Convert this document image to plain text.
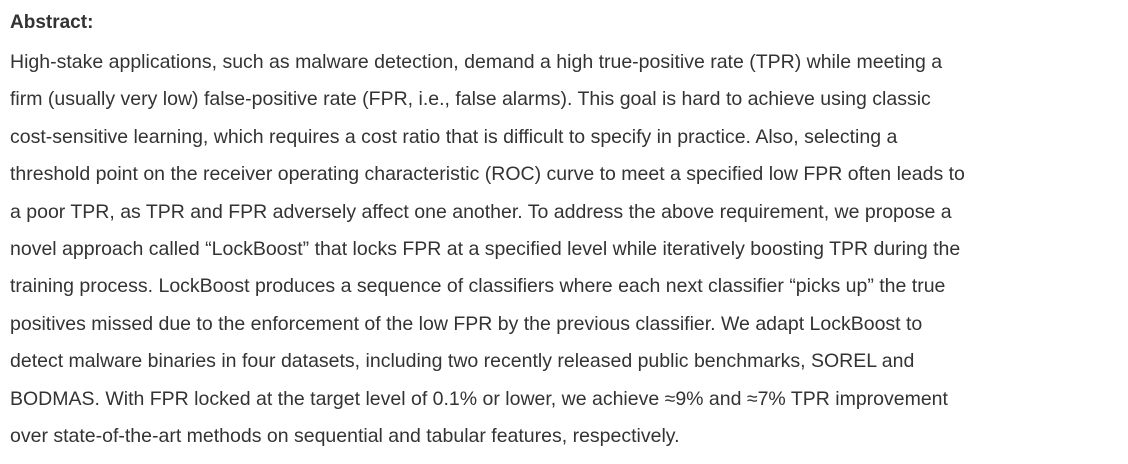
Abstract:
High-stake applications, such as malware detection, demand a high true-positive rate (TPR) while meeting a
firm (usually very low) false-positive rate (FPR, i.e., false alarms). This goal is hard to achieve using classic
cost-sensitive learning, which requires a cost ratio that is difficult to specify in practice. Also, selecting a
threshold point on the receiver operating characteristic (ROC) curve to meet a specified low FPR often leads to
a poor TPR, as TPR and FPR adversely affect one another. To address the above requirement, we propose a
novel approach called “LockBoost” that locks FPR at a specified level while iteratively boosting TPR during the
training process. LockBoost produces a sequence of classifiers where each next classifier “picks up” the true
positives missed due to the enforcement of the low FPR by the previous classifier. We adapt LockBoost to
detect malware binaries in four datasets, including two recently released public benchmarks, SOREL and
BODMAS. With FPR locked at the target level of 0.1% or lower, we achieve ≈9% and ≈7% TPR improvement
over state-of-the-art methods on sequential and tabular features, respectively.
